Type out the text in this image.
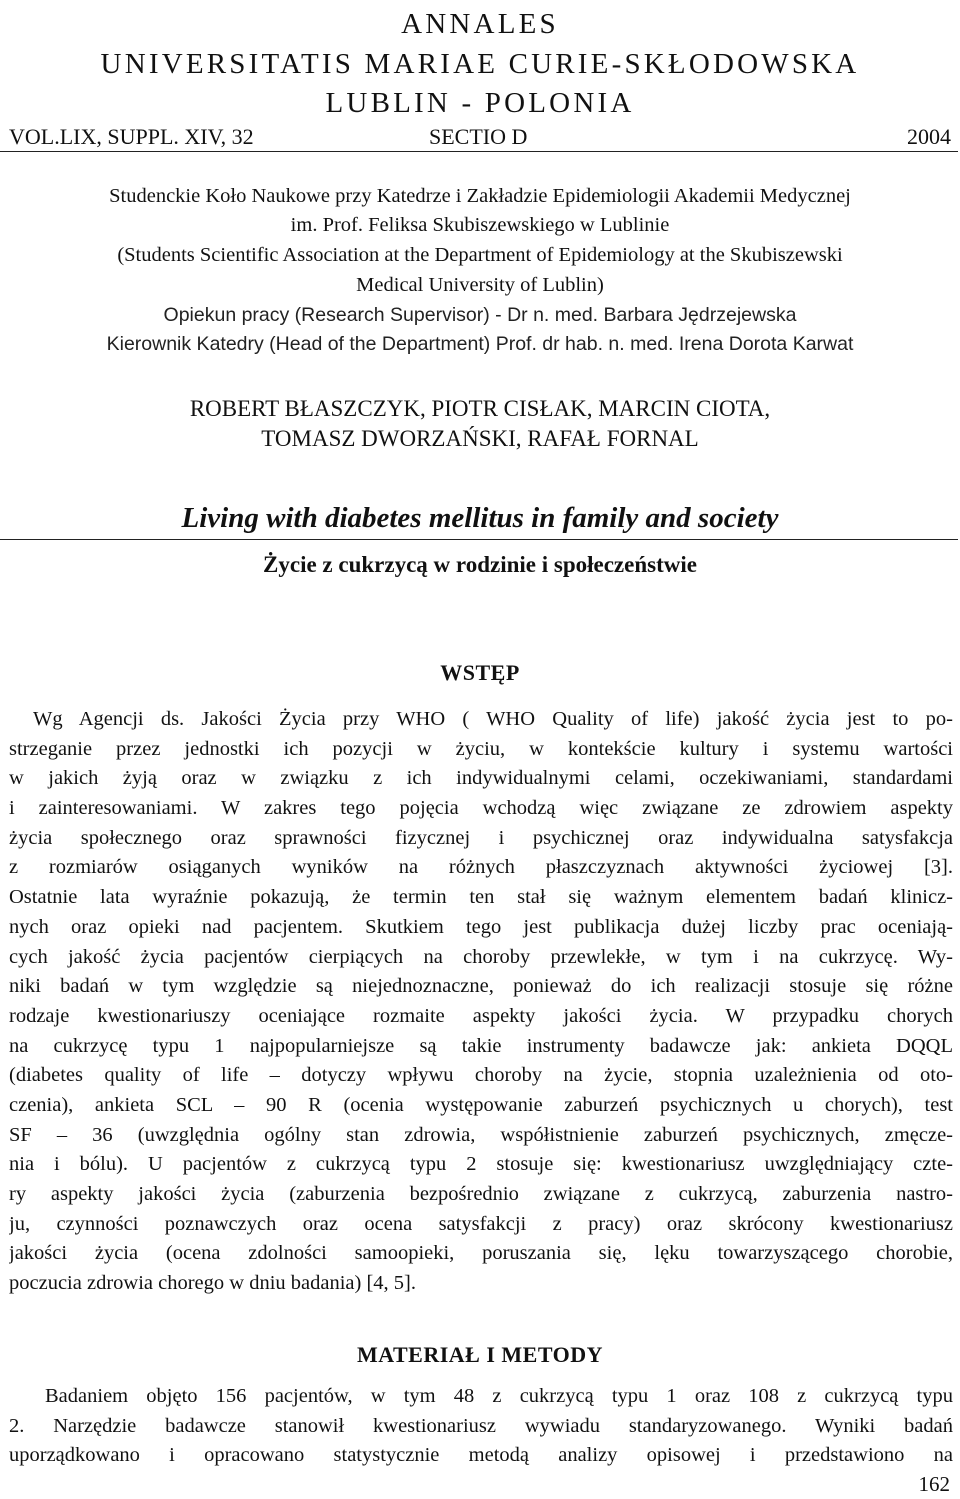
ANNALES
UNIVERSITATIS MARIAE CURIE-SKŁODOWSKA
LUBLIN - POLONIA
VOL.LIX, SUPPL. XIV, 32	SECTIO D	2004
Studenckie Koło Naukowe przy Katedrze i Zakładzie Epidemiologii Akademii Medycznej
im. Prof. Feliksa Skubiszewskiego w Lublinie
(Students Scientific Association at the Department of Epidemiology at the Skubiszewski
Medical University of Lublin)
Opiekun pracy (Research Supervisor) - Dr n. med. Barbara Jędrzejewska
Kierownik Katedry (Head of the Department) Prof. dr hab. n. med. Irena Dorota Karwat
ROBERT BŁASZCZYK, PIOTR CISŁAK, MARCIN CIOTA,
TOMASZ DWORZAŃSKI, RAFAŁ FORNAL
Living with diabetes mellitus in family and society
Życie z cukrzycą w rodzinie i społeczeństwie
WSTĘP
Wg Agencji ds. Jakości Życia przy WHO ( WHO Quality of life) jakość życia jest to po-
strzeganie przez jednostki ich pozycji w życiu, w kontekście kultury i systemu wartości
w jakich żyją oraz w związku z ich indywidualnymi celami, oczekiwaniami, standardami
i zainteresowaniami. W zakres tego pojęcia wchodzą więc związane ze zdrowiem aspekty
życia społecznego oraz sprawności fizycznej i psychicznej oraz indywidualna satysfakcja
z rozmiarów osiąganych wyników na różnych płaszczyznach aktywności życiowej [3].
Ostatnie lata wyraźnie pokazują, że termin ten stał się ważnym elementem badań klinicz-
nych oraz opieki nad pacjentem. Skutkiem tego jest publikacja dużej liczby prac oceniają-
cych jakość życia pacjentów cierpiących na choroby przewlekłe, w tym i na cukrzycę. Wy-
niki badań w tym względzie są niejednoznaczne, ponieważ do ich realizacji stosuje się różne
rodzaje kwestionariuszy oceniające rozmaite aspekty jakości życia. W przypadku chorych
na cukrzycę typu 1 najpopularniejsze są takie instrumenty badawcze jak: ankieta DQQL
(diabetes quality of life – dotyczy wpływu choroby na życie, stopnia uzależnienia od oto-
czenia), ankieta SCL – 90 R (ocenia występowanie zaburzeń psychicznych u chorych), test
SF – 36 (uwzględnia ogólny stan zdrowia, współistnienie zaburzeń psychicznych, zmęcze-
nia i bólu). U pacjentów z cukrzycą typu 2 stosuje się: kwestionariusz uwzględniający czte-
ry aspekty jakości życia (zaburzenia bezpośrednio związane z cukrzycą, zaburzenia nastro-
ju, czynności poznawczych oraz ocena satysfakcji z pracy) oraz skrócony kwestionariusz
jakości życia (ocena zdolności samoopieki, poruszania się, lęku towarzyszącego chorobie,
poczucia zdrowia chorego w dniu badania) [4, 5].
MATERIAŁ I METODY
Badaniem objęto 156 pacjentów, w tym 48 z cukrzycą typu 1 oraz 108 z cukrzycą typu
2. Narzędzie badawcze stanowił kwestionariusz wywiadu standaryzowanego. Wyniki badań
uporządkowano i opracowano statystycznie metodą analizy opisowej i przedstawiono na
162
